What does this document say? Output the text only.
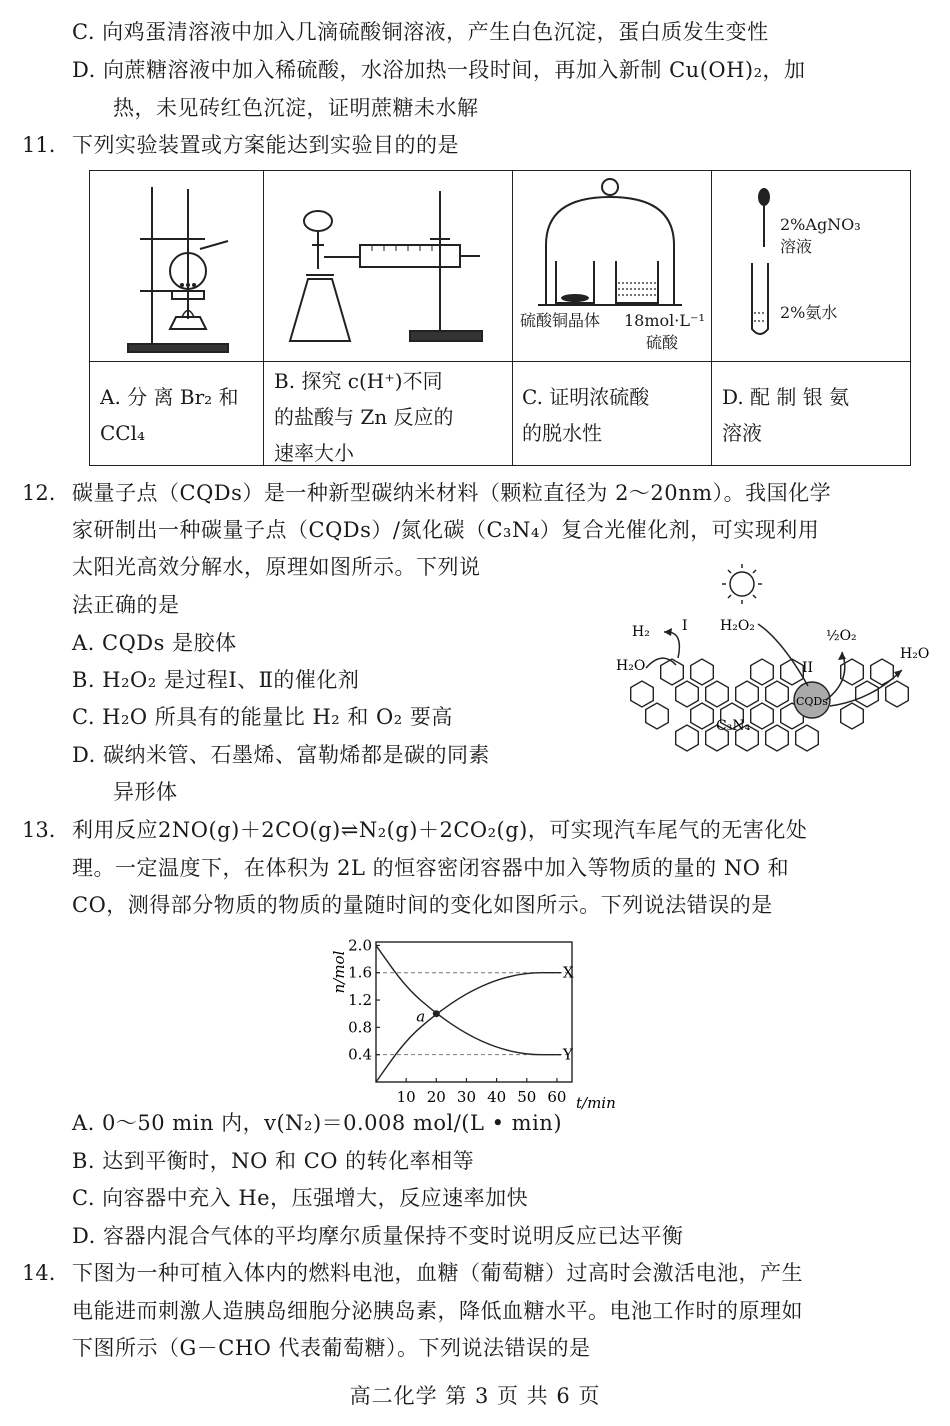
C. 向鸡蛋清溶液中加入几滴硫酸铜溶液，产生白色沉淀，蛋白质发生变性
D. 向蔗糖溶液中加入稀硫酸，水浴加热一段时间，再加入新制 Cu(OH)₂，加
热，未见砖红色沉淀，证明蔗糖未水解
11. 下列实验装置或方案能达到实验目的的是
硫酸铜晶体 18mol·L⁻¹
硫酸
2%AgNO₃
溶液
2%氨水
A. 分 离 Br₂ 和 CCl₄
B. 探究 c(H⁺)不同
的盐酸与 Zn 反应的
速率大小
C. 证明浓硫酸
的脱水性
D. 配 制 银 氨
溶液
12. 碳量子点（CQDs）是一种新型碳纳米材料（颗粒直径为 2～20nm）。我国化学
家研制出一种碳量子点（CQDs）/氮化碳（C₃N₄）复合光催化剂，可实现利用
太阳光高效分解水，原理如图所示。下列说
法正确的是
A. CQDs 是胶体
B. H₂O₂ 是过程Ⅰ、Ⅱ的催化剂
C. H₂O 所具有的能量比 H₂ 和 O₂ 要高
D. 碳纳米管、石墨烯、富勒烯都是碳的同素
异形体
H₂ I H₂O₂
½O₂
H₂O
H₂O
II
CQDs
C₃N₄
13. 利用反应2NO(g)＋2CO(g)⇌N₂(g)＋2CO₂(g)，可实现汽车尾气的无害化处
理。一定温度下，在体积为 2L 的恒容密闭容器中加入等物质的量的 NO 和
CO，测得部分物质的物质的量随时间的变化如图所示。下列说法错误的是
2.0
1.6
1.2
0.8
0.4
10 20 30 40 50 60 t/min
n/mol	X
Y
a
A. 0～50 min 内，v(N₂)＝0.008 mol/(L • min)
B. 达到平衡时，NO 和 CO 的转化率相等
C. 向容器中充入 He，压强增大，反应速率加快
D. 容器内混合气体的平均摩尔质量保持不变时说明反应已达平衡
14. 下图为一种可植入体内的燃料电池，血糖（葡萄糖）过高时会激活电池，产生
电能进而刺激人造胰岛细胞分泌胰岛素，降低血糖水平。电池工作时的原理如
下图所示（G－CHO 代表葡萄糖）。下列说法错误的是
高二化学 第 3 页 共 6 页
